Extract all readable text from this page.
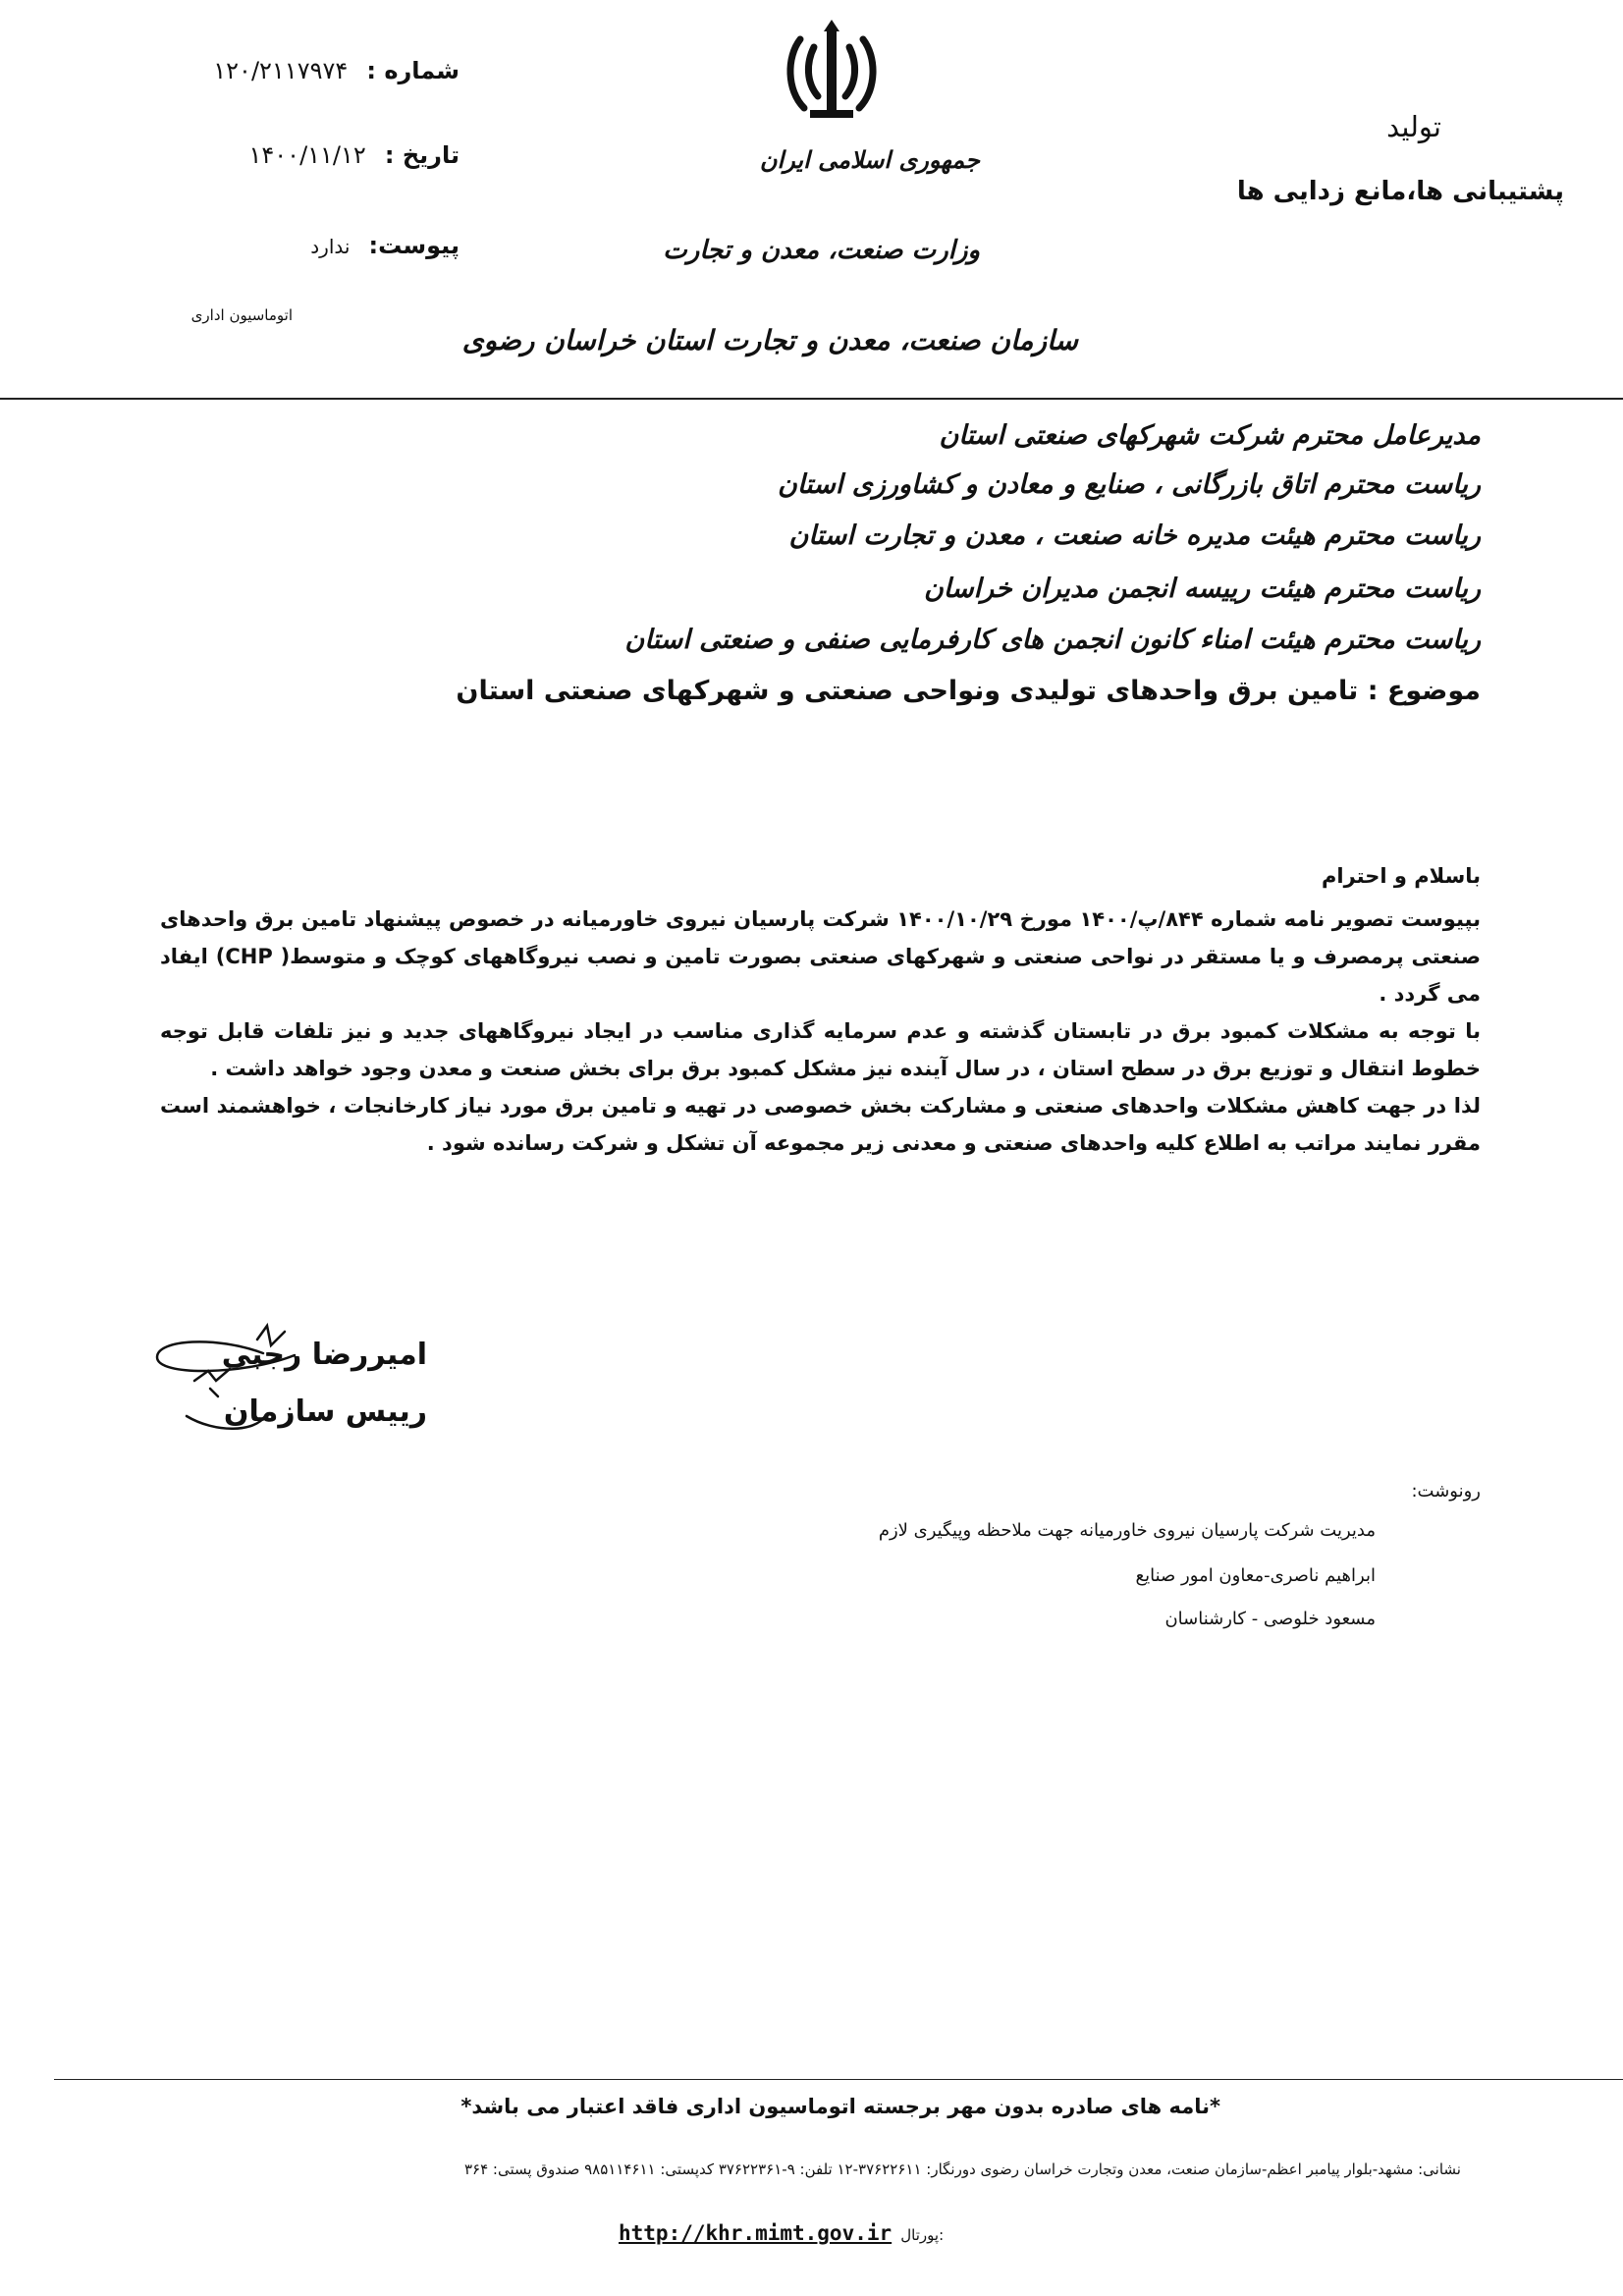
شماره : ۱۲۰/۲۱۱۷۹۷۴
تاریخ : ۱۴۰۰/۱۱/۱۲
پیوست: ندارد
اتوماسیون اداری
جمهوری اسلامی ایران
وزارت صنعت، معدن و تجارت
سازمان صنعت، معدن و تجارت استان خراسان رضوی
تولید
پشتیبانی ها،مانع زدایی ها
مدیرعامل محترم شرکت شهرکهای صنعتی استان
ریاست محترم اتاق بازرگانی ، صنایع و معادن و کشاورزی استان
ریاست محترم هیئت مدیره خانه صنعت ، معدن و تجارت استان
ریاست محترم هیئت رییسه انجمن مدیران خراسان
ریاست محترم هیئت امناء کانون انجمن های کارفرمایی صنفی و صنعتی استان
موضوع : تامین برق واحدهای تولیدی ونواحی صنعتی و شهرکهای صنعتی استان

باسلام و احترام

بپیوست تصویر نامه شماره ۸۴۴/پ/۱۴۰۰ مورخ ۱۴۰۰/۱۰/۲۹ شرکت پارسیان نیروی خاورمیانه در خصوص پیشنهاد تامین برق واحدهای صنعتی پرمصرف و یا مستقر در نواحی صنعتی و شهرکهای صنعتی بصورت تامین و نصب نیروگاههای کوچک و متوسط( CHP) ایفاد می گردد .

با توجه به مشکلات کمبود برق در تابستان گذشته و عدم سرمایه گذاری مناسب در ایجاد نیروگاههای جدید و نیز تلفات قابل توجه خطوط انتقال و توزیع برق در سطح استان ، در سال آینده نیز مشکل کمبود برق برای بخش صنعت و معدن وجود خواهد داشت .

لذا در جهت کاهش مشکلات واحدهای صنعتی و مشارکت بخش خصوصی در تهیه و تامین برق مورد نیاز کارخانجات ، خواهشمند است مقرر نمایند مراتب به اطلاع کلیه واحدهای صنعتی و معدنی زیر مجموعه آن تشکل و شرکت رسانده شود .

امیررضا رجبی
رییس سازمان
رونوشت:
مدیریت شرکت پارسیان نیروی خاورمیانه جهت ملاحظه وپیگیری لازم
ابراهیم ناصری-معاون امور صنایع
مسعود خلوصی - کارشناسان
*نامه های صادره بدون مهر برجسته اتوماسیون اداری فاقد اعتبار می باشد*
نشانی: مشهد-بلوار پیامبر اعظم-سازمان صنعت، معدن وتجارت خراسان رضوی دورنگار: ۳۷۶۲۲۶۱۱-۱۲ تلفن: ۹-۳۷۶۲۲۳۶۱ کدپستی: ۹۸۵۱۱۴۶۱۱ صندوق پستی: ۳۶۴
http://khr.mimt.gov.ir پورتال:
